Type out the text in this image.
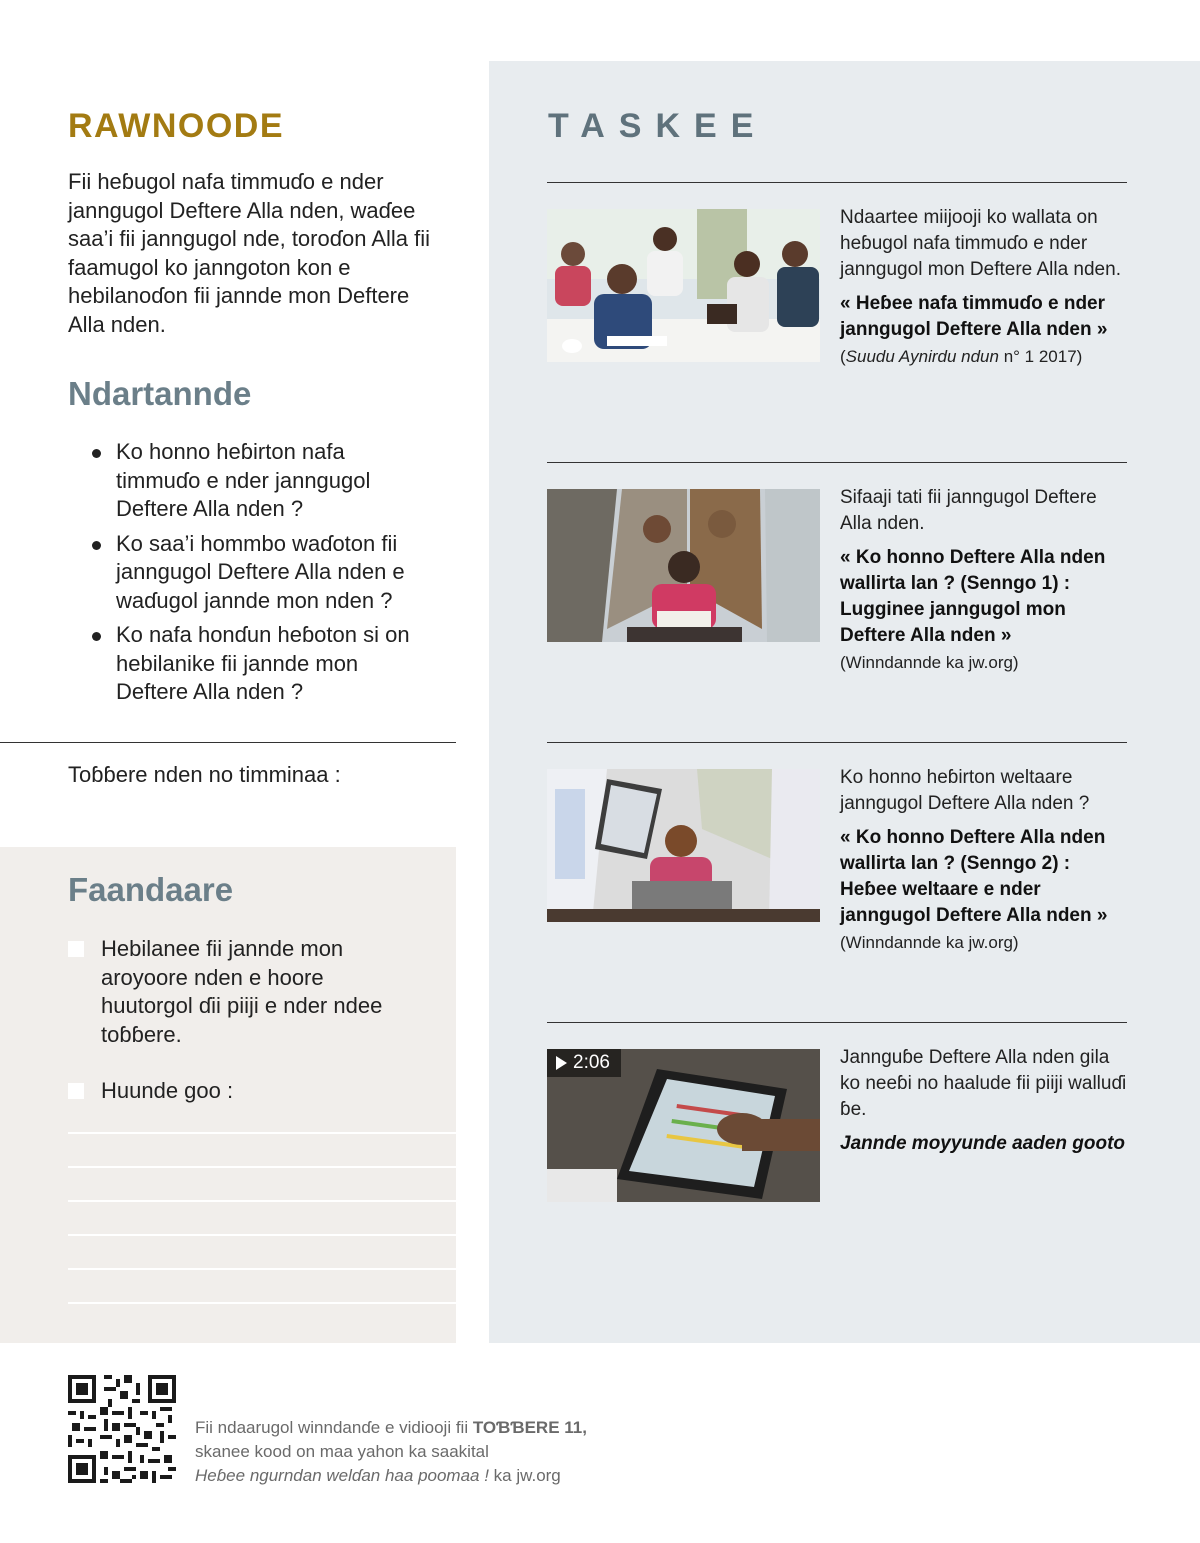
RAWNOODE

Fii heɓugol nafa timmuɗo e nder janngugol Deftere Alla nden, waɗee saa’i fii janngugol nde, toroɗon Alla fii faamugol ko janngoton kon e hebilanoɗon fii jannde mon Deftere Alla nden.

Ndartannde
Ko honno heɓirton nafa timmuɗo e nder janngugol Deftere Alla nden ?
Ko saa’i hommbo waɗoton fii janngugol Deftere Alla nden e waɗugol jannde mon nden ?
Ko nafa honɗun heɓoton si on hebilanike fii jannde mon Deftere Alla nden ?

Toɓɓere nden no timminaa :

Faandaare

Hebilanee fii jannde mon aroyoore nden e hoore huutorgol ɗii piiji e nder ndee toɓɓere.

Huunde goo :

TASKEE

Ndaartee miijooji ko wallata on heɓugol nafa timmuɗo e nder janngugol mon Deftere Alla nden.

« Heɓee nafa timmuɗo e nder janngugol Deftere Alla nden »

(Suudu Aynirdu ndun n° 1 2017)

Sifaaji tati fii janngugol Deftere Alla nden.

« Ko honno Deftere Alla nden wallirta lan ? (Senngo 1) : Lugginee janngugol mon Deftere Alla nden »

(Winndannde ka jw.org)

Ko honno heɓirton weltaare janngugol Deftere Alla nden ?

« Ko honno Deftere Alla nden wallirta lan ? (Senngo 2) : Heɓee weltaare e nder janngugol Deftere Alla nden »

(Winndannde ka jw.org)

2:06	Jannguɓe Deftere Alla nden gila ko neeɓi no haalude fii piiji walluɗi ɓe.

Jannde moyyunde aaden gooto

Fii ndaarugol winndanɗe e vidiooji fii TOƁƁERE 11,
skanee kood on maa yahon ka saakital
Heɓee ngurndan welɗan haa poomaa ! ka jw.org
